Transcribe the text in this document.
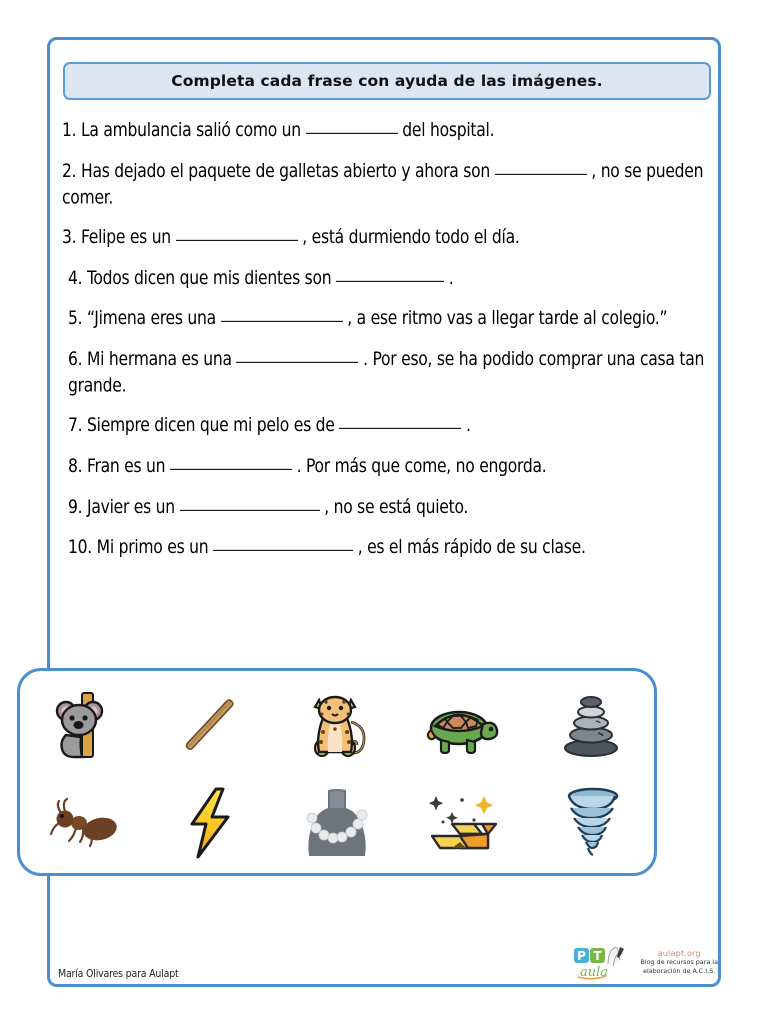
Completa cada frase con ayuda de las imágenes.
1. La ambulancia salió como un	del hospital.
2. Has dejado el paquete de galletas abierto y ahora son	, no se pueden comer.
3. Felipe es un	, está durmiendo todo el día.
4. Todos dicen que mis dientes son	.
5. “Jimena eres una	, a ese ritmo vas a llegar tarde al colegio.”
6. Mi hermana es una	. Por eso, se ha podido comprar una casa tan grande.
7. Siempre dicen que mi pelo es de	.
8. Fran es un	. Por más que come, no engorda.
9. Javier es un	, no se está quieto.
10. Mi primo es un	, es el más rápido de su clase.
María Olivares para Aulapt
P T
aula
aulapt.org
Blog de recursos para la
elaboración de A.C.I.S.
